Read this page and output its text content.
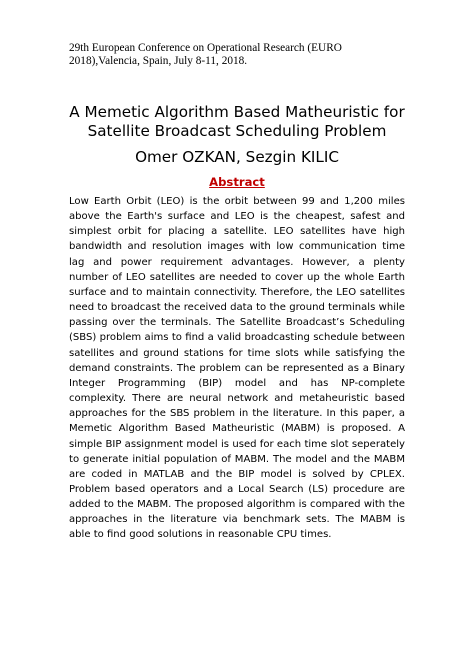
29th European Conference on Operational Research (EURO 2018),Valencia, Spain, July 8-11, 2018.
A Memetic Algorithm Based Matheuristic for Satellite Broadcast Scheduling Problem
Omer OZKAN, Sezgin KILIC
Abstract

Low Earth Orbit (LEO) is the orbit between 99 and 1,200 miles above the Earth's surface and LEO is the cheapest, safest and simplest orbit for placing a satellite. LEO satellites have high bandwidth and resolution images with low communication time lag and power requirement advantages. However, a plenty number of LEO satellites are needed to cover up the whole Earth surface and to maintain connectivity. Therefore, the LEO satellites need to broadcast the received data to the ground terminals while passing over the terminals. The Satellite Broadcast’s Scheduling (SBS) problem aims to find a valid broadcasting schedule between satellites and ground stations for time slots while satisfying the demand constraints. The problem can be represented as a Binary Integer Programming (BIP) model and has NP-complete complexity. There are neural network and metaheuristic based approaches for the SBS problem in the literature. In this paper, a Memetic Algorithm Based Matheuristic (MABM) is proposed. A simple BIP assignment model is used for each time slot seperately to generate initial population of MABM. The model and the MABM are coded in MATLAB and the BIP model is solved by CPLEX. Problem based operators and a Local Search (LS) procedure are added to the MABM. The proposed algorithm is compared with the approaches in the literature via benchmark sets. The MABM is able to find good solutions in reasonable CPU times.
